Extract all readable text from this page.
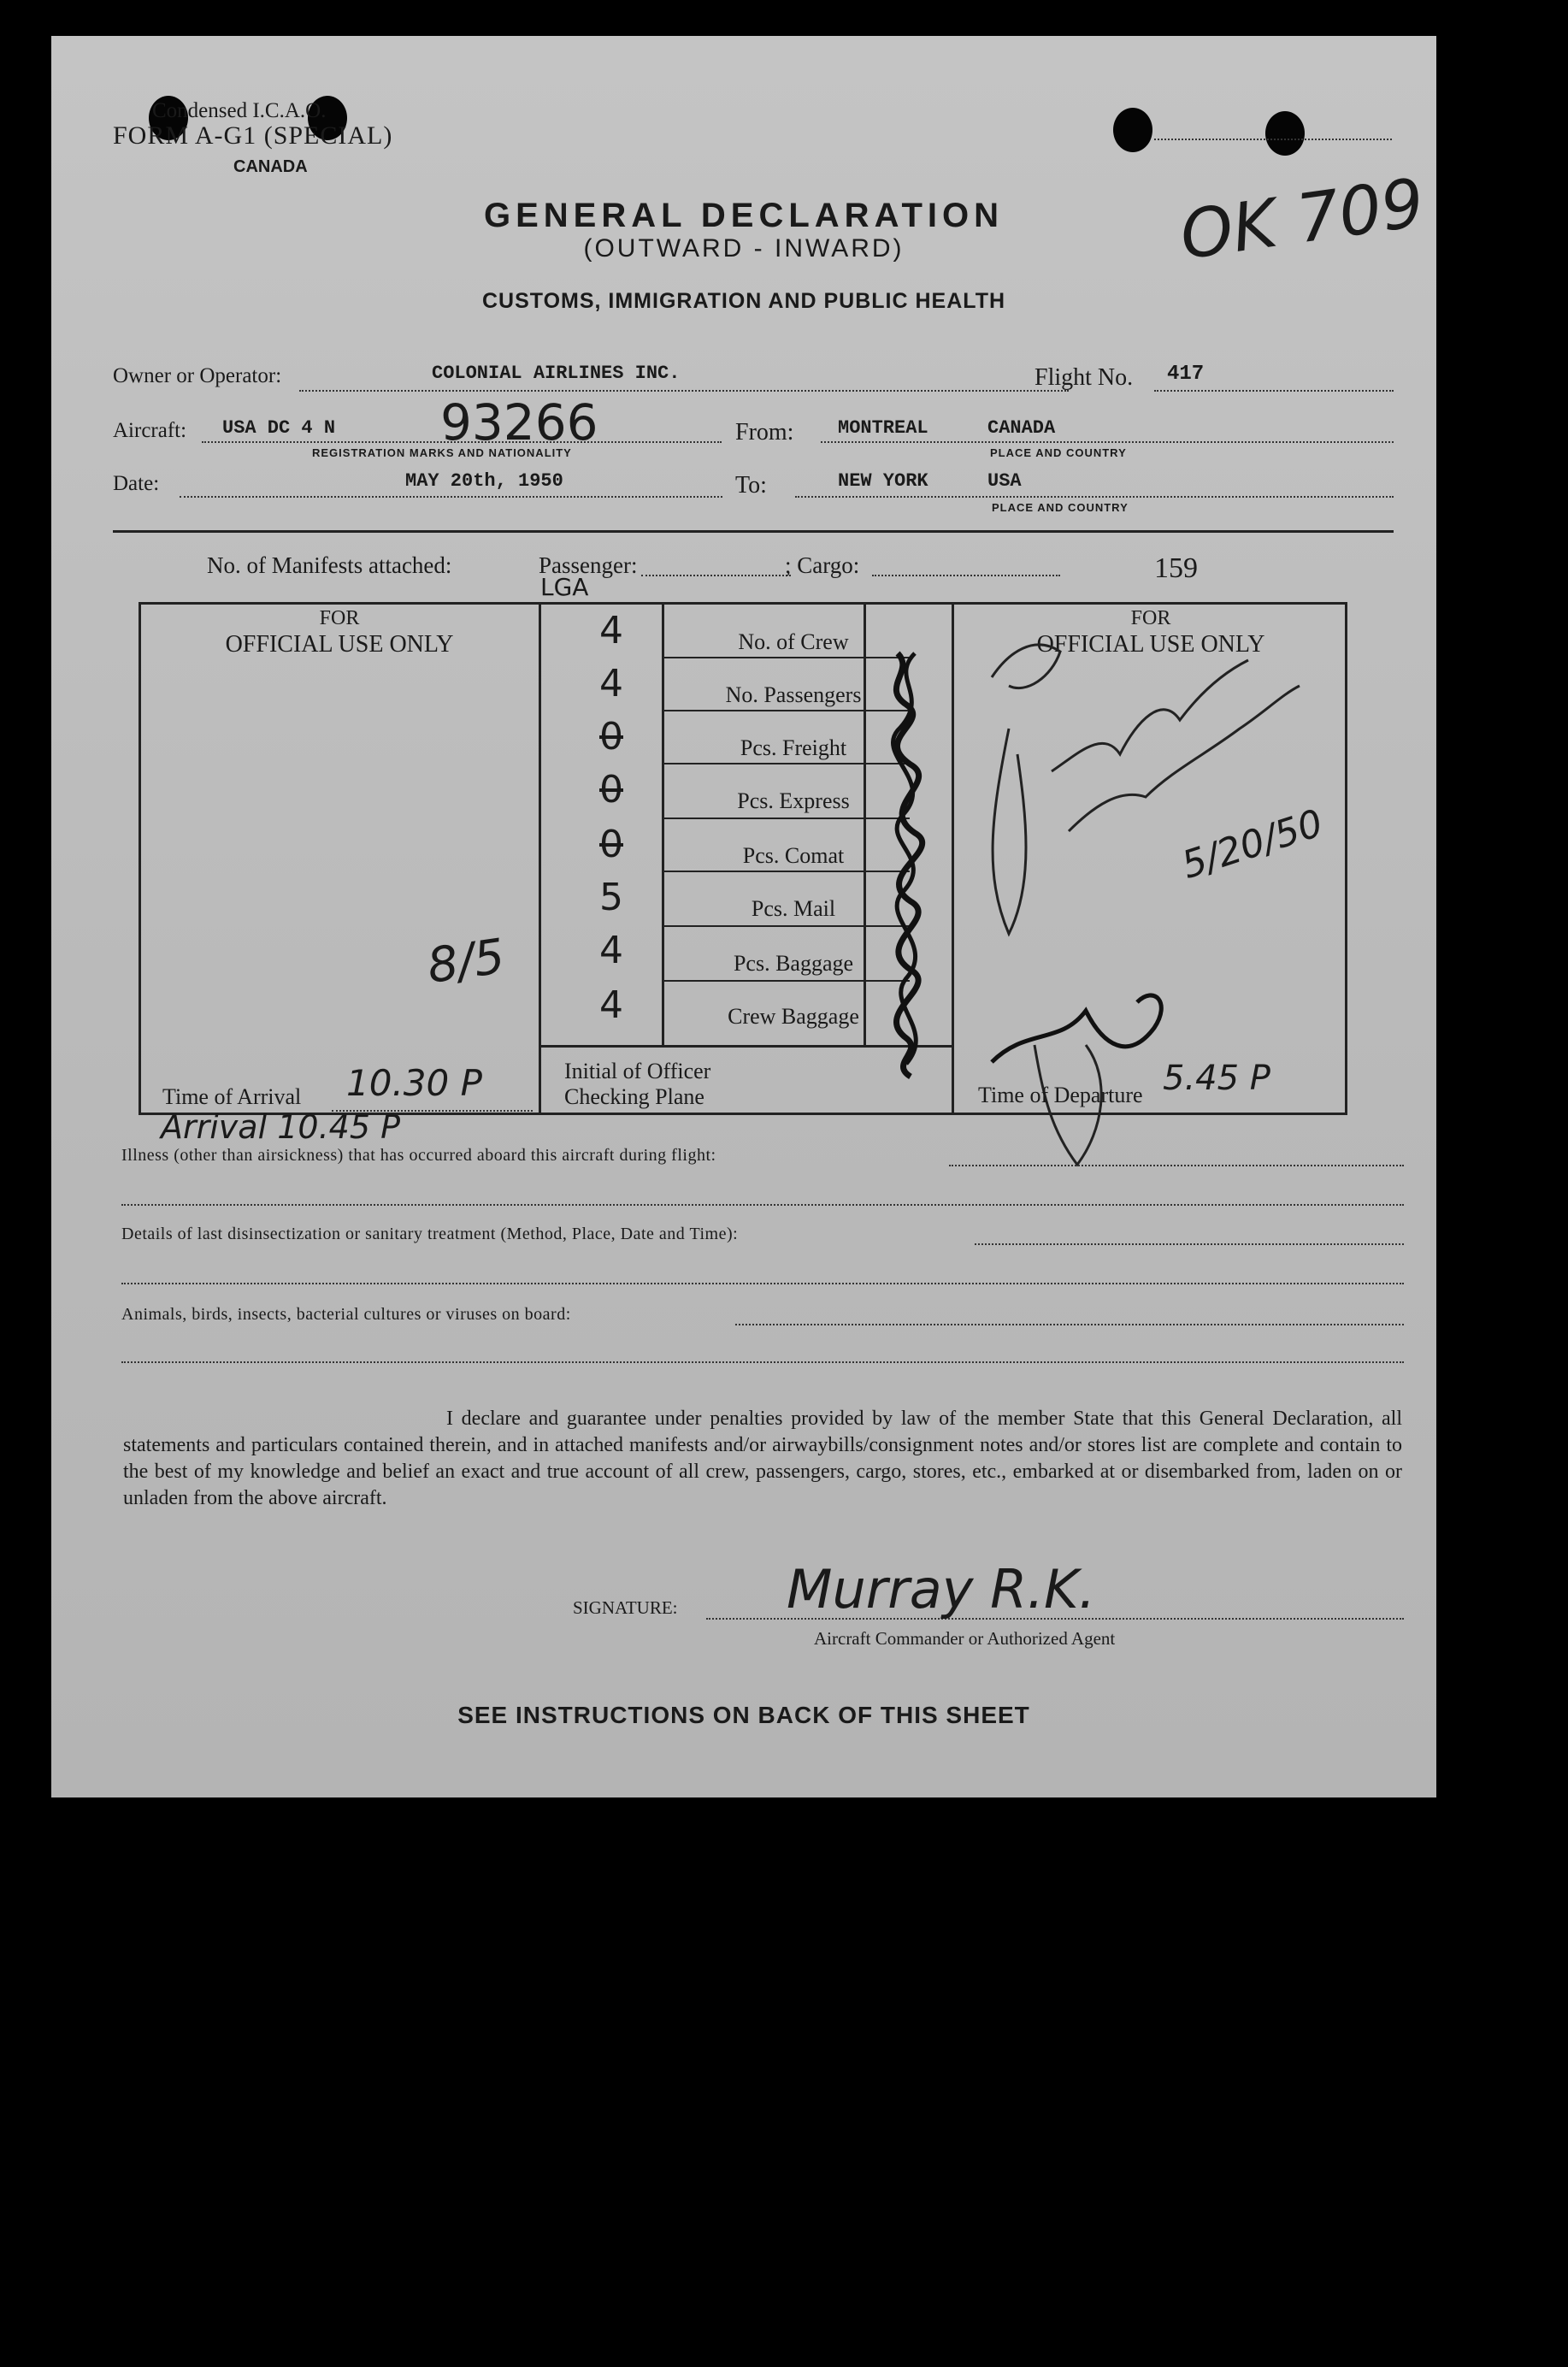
Condensed I.C.A.O.
FORM A-G1 (SPECIAL)
CANADA	OK 709
GENERAL DECLARATION
(OUTWARD - INWARD)
CUSTOMS, IMMIGRATION AND PUBLIC HEALTH
Owner or Operator:	COLONIAL AIRLINES INC.	Flight No. 417
Aircraft: USA DC 4 N 93266
REGISTRATION MARKS AND NATIONALITY
From: MONTREAL	CANADA
PLACE AND COUNTRY
Date:	MAY 20th, 1950	To:	NEW YORK	USA
PLACE AND COUNTRY
No. of Manifests attached:	Passenger:
LGA
; Cargo:	159
FOR
OFFICIAL USE ONLY
FOR
OFFICIAL USE ONLY
4	No. of Crew
4	No. Passengers
0	Pcs. Freight
0	Pcs. Express
0	Pcs. Comat
5	Pcs. Mail
4	Pcs. Baggage
4	Crew Baggage
5/20/50
8/5
Time of Arrival 10.30 P	Initial of Officer
Checking Plane	Time of Departure 5.45 P
Arrival 10.45 P
Illness (other than airsickness) that has occurred aboard this aircraft during flight:
Details of last disinsectization or sanitary treatment (Method, Place, Date and Time):
Animals, birds, insects, bacterial cultures or viruses on board:
I declare and guarantee under penalties provided by law of the member State that this General Declaration, all statements and particulars contained therein, and in attached manifests and/or airwaybills/consignment notes and/or stores list are complete and contain to the best of my knowledge and belief an exact and true account of all crew, passengers, cargo, stores, etc., embarked at or disembarked from, laden on or unladen from the above aircraft.
SIGNATURE: Murray R.K.
Aircraft Commander or Authorized Agent
SEE INSTRUCTIONS ON BACK OF THIS SHEET
